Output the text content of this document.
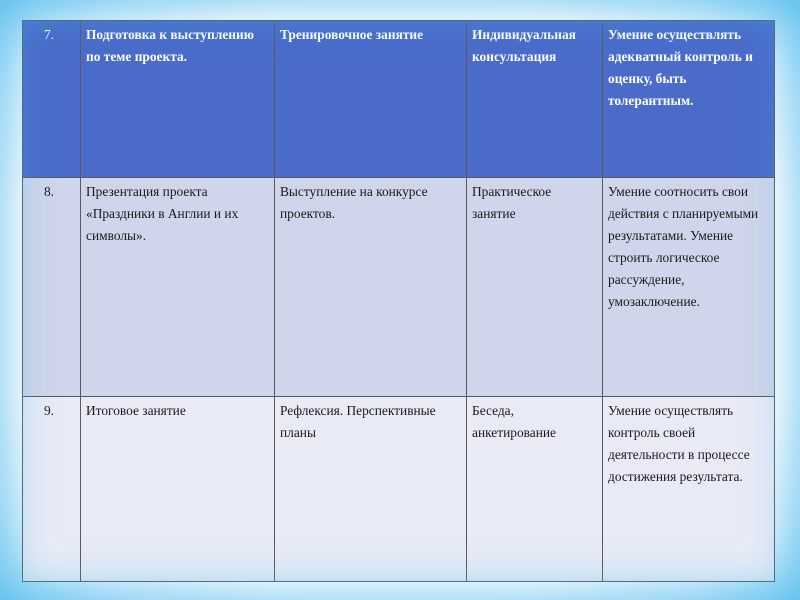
7.	Подготовка к выступлению по теме проекта.	Тренировочное занятие	Индивидуальная консультация	Умение осуществлять адекватный контроль и оценку, быть толерантным.
8.	Презентация проекта «Праздники в Англии и их символы».	Выступление на конкурсе проектов.	Практическое занятие	Умение соотносить свои действия с планируемыми результатами. Умение строить логическое рассуждение, умозаключение.
9.	Итоговое занятие	Рефлексия. Перспективные планы	Беседа, анкетирование	Умение осуществлять контроль своей деятельности в процессе достижения результата.
